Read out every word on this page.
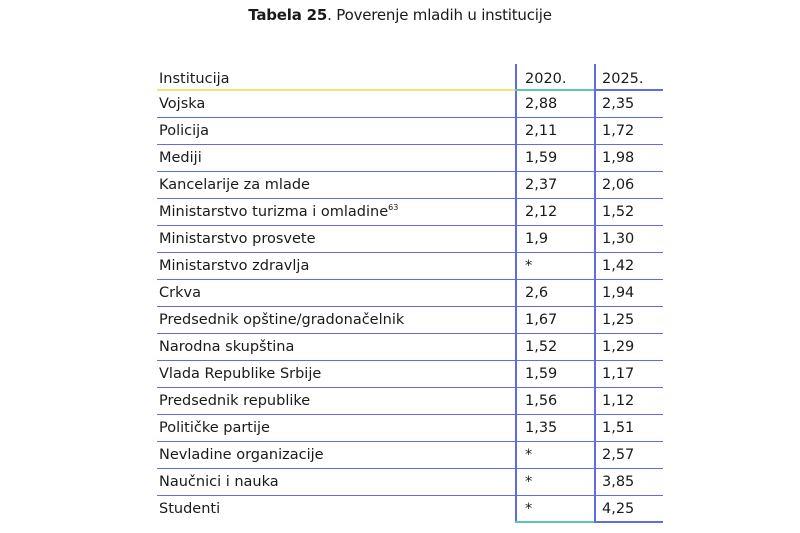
Tabela 25. Poverenje mladih u institucije
Institucija	2020.	2025.
Vojska	2,88	2,35
Policija	2,11	1,72
Mediji	1,59	1,98
Kancelarije za mlade	2,37	2,06
Ministarstvo turizma i omladine$^{63}$	2,12	1,52
Ministarstvo prosvete	1,9	1,30
Ministarstvo zdravlja	*	1,42
Crkva	2,6	1,94
Predsednik opštine/gradonačelnik	1,67	1,25
Narodna skupština	1,52	1,29
Vlada Republike Srbije	1,59	1,17
Predsednik republike	1,56	1,12
Političke partije	1,35	1,51
Nevladine organizacije	*	2,57
Naučnici i nauka	*	3,85
Studenti	*	4,25
